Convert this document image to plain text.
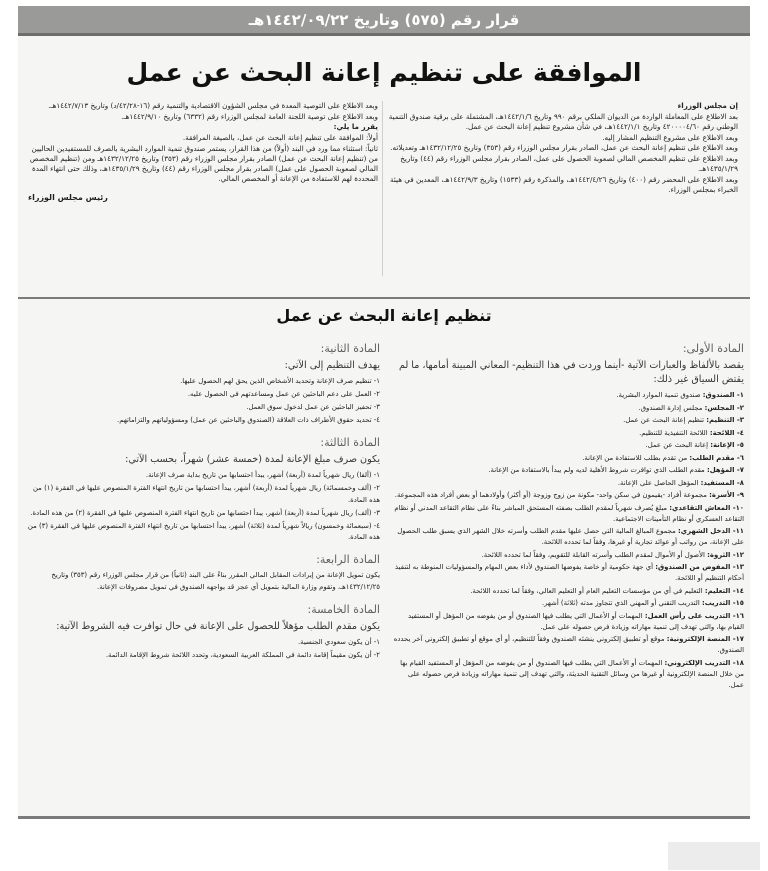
قرار رقم (٥٧٥) وتاريخ ١٤٤٢/٠٩/٢٢هـ
الموافقة على تنظيم إعانة البحث عن عمل

إن مجلس الوزراء

بعد الاطلاع على المعاملة الواردة من الديوان الملكي برقم ٩٩٠ وتاريخ ١٤٤٢/١/٦هـ، المشتملة على برقية صندوق التنمية الوطني رقم ٤٢٠٠٠٠٤/٦٠ وتاريخ ١٤٤٢/١/١هـ، في شأن مشروع تنظيم إعانة البحث عن عمل.

وبعد الاطلاع على مشروع التنظيم المشار إليه.

وبعد الاطلاع على تنظيم إعانة البحث عن عمل، الصادر بقرار مجلس الوزراء رقم (٣٥٣) وتاريخ ١٤٣٢/١٢/٢٥هـ وتعديلاته.

وبعد الاطلاع على تنظيم المخصص المالي لصعوبة الحصول على عمل، الصادر بقرار مجلس الوزراء رقم (٤٤) وتاريخ ١٤٣٥/١/٢٩هـ.

وبعد الاطلاع على المحضر رقم (٤٠٠) وتاريخ ١٤٤٢/٤/٢٦هـ، والمذكرة رقم (١٥٣٣) وتاريخ ١٤٤٢/٩/٣هـ، المعدين في هيئة الخبراء بمجلس الوزراء.

وبعد الاطلاع على التوصية المعدة في مجلس الشؤون الاقتصادية والتنمية رقم (١٦-٤٢/٢٨/د) وتاريخ ١٤٤٢/٧/١٣هـ.

وبعد الاطلاع على توصية اللجنة العامة لمجلس الوزراء رقم (٦٣٣٢) وتاريخ ١٤٤٢/٩/١٠هـ.

يقرر ما يلي:

أولاً: الموافقة على تنظيم إعانة البحث عن عمل، بالصيغة المرافقة.

ثانياً: استثناء مما ورد في البند (أولاً) من هذا القرار، يستمر صندوق تنمية الموارد البشرية بالصرف للمستفيدين الحاليين من (تنظيم إعانة البحث عن عمل) الصادر بقرار مجلس الوزراء رقم (٣٥٣) وتاريخ ١٤٣٢/١٢/٢٥هـ ومن (تنظيم المخصص المالي لصعوبة الحصول على عمل) الصادر بقرار مجلس الوزراء رقم (٤٤) وتاريخ ١٤٣٥/١/٢٩هـ، وذلك حتى انتهاء المدة المحددة لهم للاستفادة من الإعانة أو المخصص المالي.

رئيس مجلس الوزراء
تنظيم إعانة البحث عن عمل
المادة الأولى:
يقصد بالألفاظ والعبارات الآتية -أينما وردت في هذا التنظيم- المعاني المبينة أمامها، ما لم يقتض السياق غير ذلك:
١- الصندوق: صندوق تنمية الموارد البشرية.
٢- المجلس: مجلس إدارة الصندوق.
٣- التنظيم: تنظيم إعانة البحث عن عمل.
٤- اللائحة: اللائحة التنفيذية للتنظيم.
٥- الإعانة: إعانة البحث عن عمل.
٦- مقدم الطلب: من تقدم بطلب للاستفادة من الإعانة.
٧- المؤهل: مقدم الطلب الذي توافرت شروط الأهلية لديه ولم يبدأ بالاستفادة من الإعانة.
٨- المستفيد: المؤهل الحاصل على الإعانة.
٩- الأسرة: مجموعة أفراد -يقيمون في سكن واحد- مكونة من زوج وزوجة (أو أكثر) وأولادهما أو بعض أفراد هذه المجموعة.
١٠- المعاش التقاعدي: مبلغ يُصرف شهرياً لمقدم الطلب بصفته المستحق المباشر بناءً على نظام التقاعد المدني أو نظام التقاعد العسكري أو نظام التأمينات الاجتماعية.
١١- الدخل الشهري: مجموع المبالغ المالية التي حصل عليها مقدم الطلب وأسرته خلال الشهر الذي يسبق طلب الحصول على الإعانة، من رواتب أو عوائد تجارية أو غيرها، وفقاً لما تحدده اللائحة.
١٢- الثروة: الأصول أو الأموال لمقدم الطلب وأسرته القابلة للتقويم، وفقاً لما تحدده اللائحة.
١٣- المفوض من الصندوق: أي جهة حكومية أو خاصة يفوضها الصندوق لأداء بعض المهام والمسؤوليات المنوطة به لتنفيذ أحكام التنظيم أو اللائحة.
١٤- التعليم: التعليم في أي من مؤسسات التعليم العام أو التعليم العالي، وفقاً لما تحدده اللائحة.
١٥- التدريب: التدريب التقني أو المهني الذي تتجاوز مدته (ثلاثة) أشهر.
١٦- التدريب على رأس العمل: المهمات أو الأعمال التي يطلب فيها الصندوق أو من يفوضه من المؤهل أو المستفيد القيام بها، والتي تهدف إلى تنمية مهاراته وزيادة فرص حصوله على عمل.
١٧- المنصة الإلكترونية: موقع أو تطبيق إلكتروني ينشئه الصندوق وفقاً للتنظيم، أو أي موقع أو تطبيق إلكتروني آخر يحدده الصندوق.
١٨- التدريب الإلكتروني: المهمات أو الأعمال التي يطلب فيها الصندوق أو من يفوضه من المؤهل أو المستفيد القيام بها من خلال المنصة الإلكترونية أو غيرها من وسائل التقنية الحديثة، والتي تهدف إلى تنمية مهاراته وزيادة فرص حصوله على عمل.
المادة الثانية:
يهدف التنظيم إلى الآتي:
١- تنظيم صرف الإعانة وتحديد الأشخاص الذين يحق لهم الحصول عليها.
٢- العمل على دعم الباحثين عن عمل ومساعدتهم في الحصول عليه.
٣- تحفيز الباحثين عن عمل لدخول سوق العمل.
٤- تحديد حقوق الأطراف ذات العلاقة (الصندوق والباحثين عن عمل) ومسؤولياتهم والتزاماتهم.
المادة الثالثة:
يكون صرف مبلغ الإعانة لمدة (خمسة عشر) شهراً، بحسب الآتي:
١- (ألفا) ريال شهرياً لمدة (أربعة) أشهر، يبدأ احتسابها من تاريخ بداية صرف الإعانة.
٢- (ألف وخمسمائة) ريال شهرياً لمدة (أربعة) أشهر، يبدأ احتسابها من تاريخ انتهاء الفترة المنصوص عليها في الفقرة (١) من هذه المادة.
٣- (ألف) ريال شهرياً لمدة (أربعة) أشهر، يبدأ احتسابها من تاريخ انتهاء الفترة المنصوص عليها في الفقرة (٢) من هذه المادة.
٤- (سبعمائة وخمسون) ريالاً شهرياً لمدة (ثلاثة) أشهر، يبدأ احتسابها من تاريخ انتهاء الفترة المنصوص عليها في الفقرة (٣) من هذه المادة.
المادة الرابعة:
يكون تمويل الإعانة من إيرادات المقابل المالي المقرر بناءً على البند (ثانياً) من قرار مجلس الوزراء رقم (٣٥٣) وتاريخ ١٤٣٢/١٢/٢٥هـ، وتقوم وزارة المالية بتمويل أي عجز قد يواجهه الصندوق في تمويل مصروفات الإعانة.
المادة الخامسة:
يكون مقدم الطلب مؤهلاً للحصول على الإعانة في حال توافرت فيه الشروط الآتية:
١- أن يكون سعودي الجنسية.
٢- أن يكون مقيماً إقامة دائمة في المملكة العربية السعودية، وتحدد اللائحة شروط الإقامة الدائمة.
